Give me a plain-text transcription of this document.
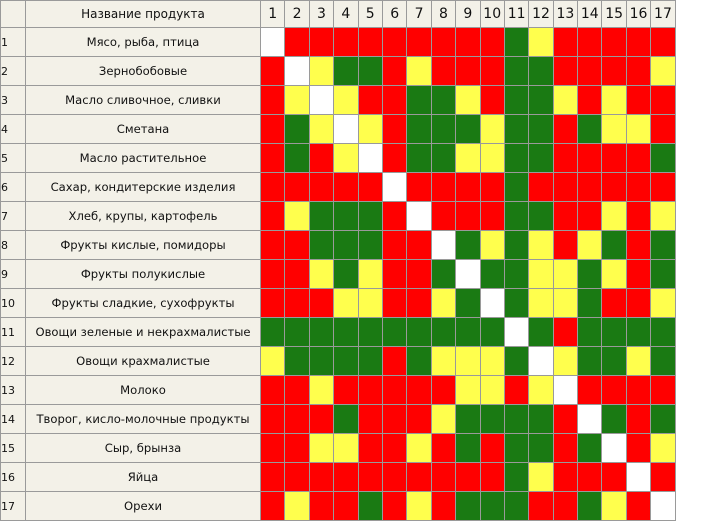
	Название продукта	1	2	3	4	5	6	7	8	9	10	11	12	13	14	15	16	17
1	Мясо, рыба, птица																	
2	Зернобобовые																	
3	Масло сливочное, сливки																	
4	Сметана																	
5	Масло растительное																	
6	Сахар, кондитерские изделия																	
7	Хлеб, крупы, картофель																	
8	Фрукты кислые, помидоры																	
9	Фрукты полукислые																	
10	Фрукты сладкие, сухофрукты																	
11	Овощи зеленые и некрахмалистые																	
12	Овощи крахмалистые																	
13	Молоко																	
14	Творог, кисло-молочные продукты																	
15	Сыр, брынза																	
16	Яйца																	
17	Орехи																	
